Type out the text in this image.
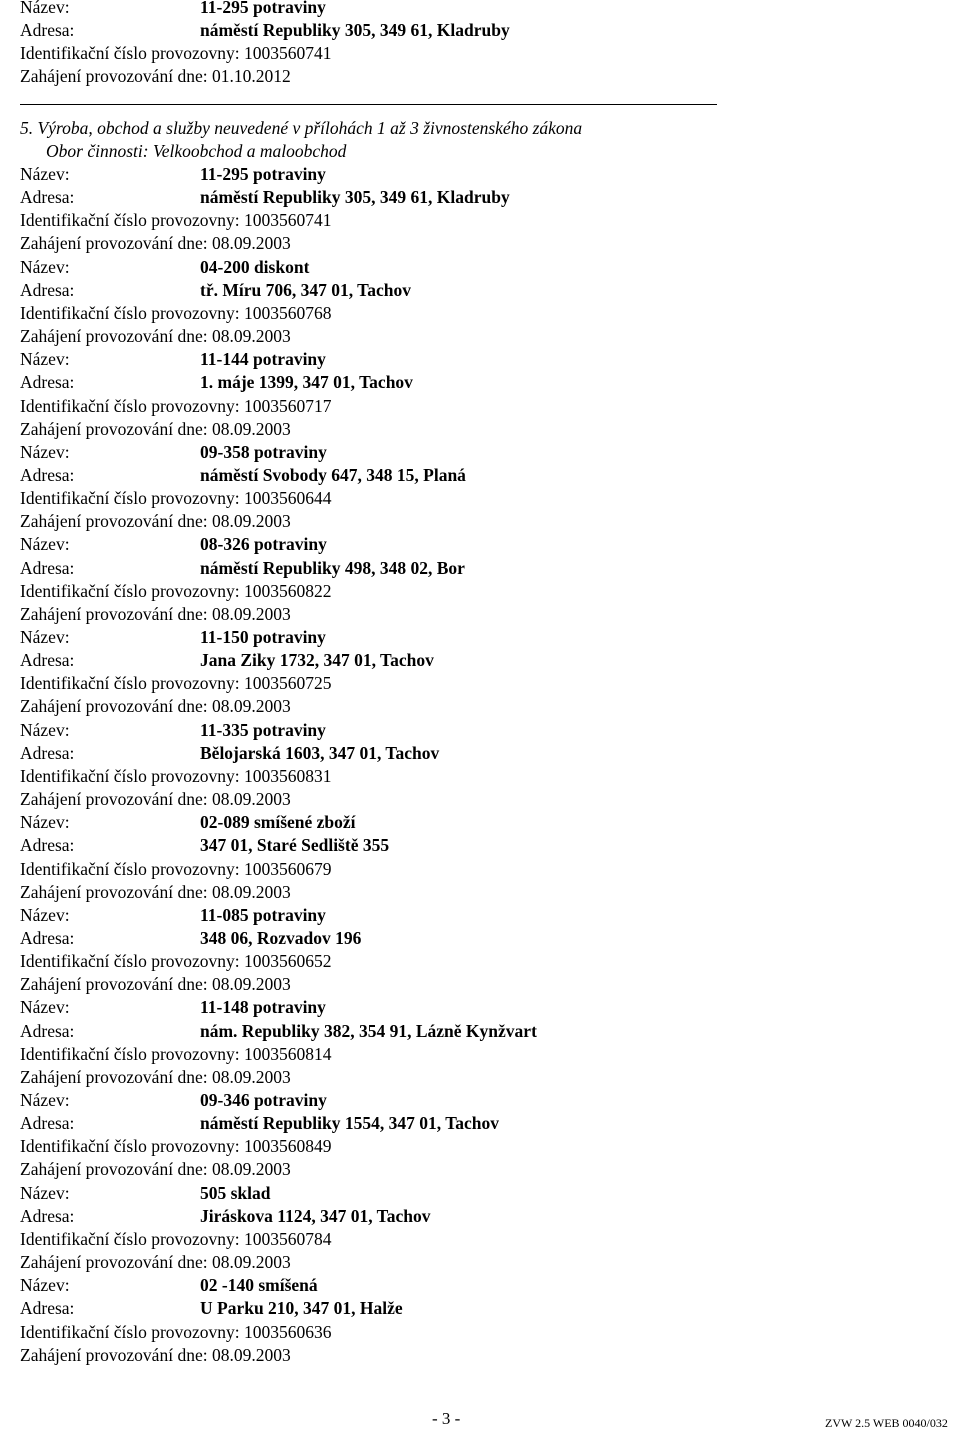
Název:	11-295 potraviny
Adresa:	náměstí Republiky 305, 349 61, Kladruby
Identifikační číslo provozovny: 1003560741
Zahájení provozování dne: 01.10.2012
5. Výroba, obchod a služby neuvedené v přílohách 1 až 3 živnostenského zákona
Obor činnosti: Velkoobchod a maloobchod
Název:	11-295 potraviny
Adresa:	náměstí Republiky 305, 349 61, Kladruby
Identifikační číslo provozovny: 1003560741
Zahájení provozování dne: 08.09.2003
Název:	04-200 diskont
Adresa:	tř. Míru 706, 347 01, Tachov
Identifikační číslo provozovny: 1003560768
Zahájení provozování dne: 08.09.2003
Název:	11-144 potraviny
Adresa:	1. máje 1399, 347 01, Tachov
Identifikační číslo provozovny: 1003560717
Zahájení provozování dne: 08.09.2003
Název:	09-358 potraviny
Adresa:	náměstí Svobody 647, 348 15, Planá
Identifikační číslo provozovny: 1003560644
Zahájení provozování dne: 08.09.2003
Název:	08-326 potraviny
Adresa:	náměstí Republiky 498, 348 02, Bor
Identifikační číslo provozovny: 1003560822
Zahájení provozování dne: 08.09.2003
Název:	11-150 potraviny
Adresa:	Jana Ziky 1732, 347 01, Tachov
Identifikační číslo provozovny: 1003560725
Zahájení provozování dne: 08.09.2003
Název:	11-335 potraviny
Adresa:	Bělojarská 1603, 347 01, Tachov
Identifikační číslo provozovny: 1003560831
Zahájení provozování dne: 08.09.2003
Název:	02-089 smíšené zboží
Adresa:	347 01, Staré Sedliště 355
Identifikační číslo provozovny: 1003560679
Zahájení provozování dne: 08.09.2003
Název:	11-085 potraviny
Adresa:	348 06, Rozvadov 196
Identifikační číslo provozovny: 1003560652
Zahájení provozování dne: 08.09.2003
Název:	11-148 potraviny
Adresa:	nám. Republiky 382, 354 91, Lázně Kynžvart
Identifikační číslo provozovny: 1003560814
Zahájení provozování dne: 08.09.2003
Název:	09-346 potraviny
Adresa:	náměstí Republiky 1554, 347 01, Tachov
Identifikační číslo provozovny: 1003560849
Zahájení provozování dne: 08.09.2003
Název:	505 sklad
Adresa:	Jiráskova 1124, 347 01, Tachov
Identifikační číslo provozovny: 1003560784
Zahájení provozování dne: 08.09.2003
Název:	02 -140 smíšená
Adresa:	U Parku 210, 347 01, Halže
Identifikační číslo provozovny: 1003560636
Zahájení provozování dne: 08.09.2003
- 3 -	ZVW 2.5 WEB 0040/032
